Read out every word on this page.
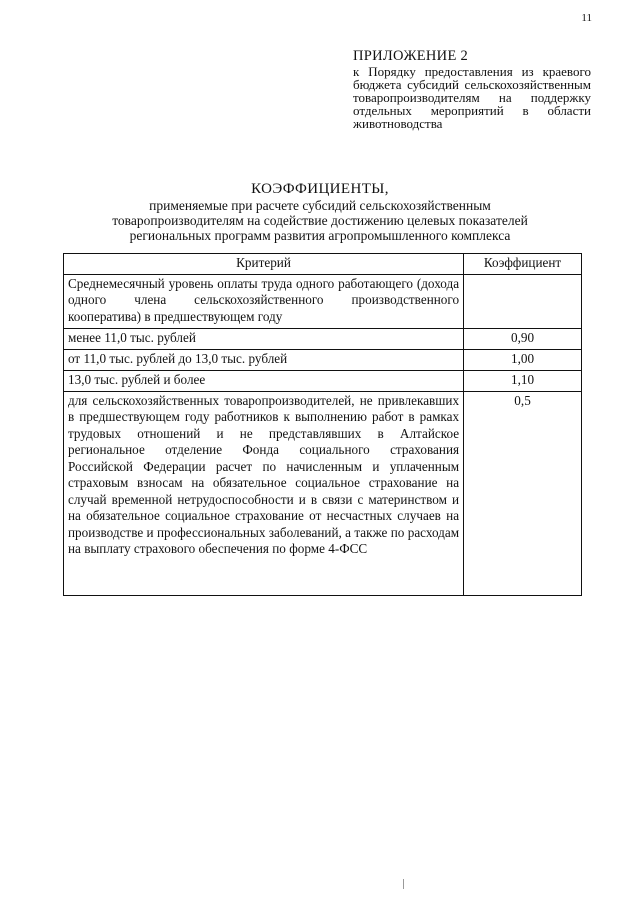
11
ПРИЛОЖЕНИЕ 2
к Порядку предоставления из краевого бюджета субсидий сельскохозяйственным товаропроизводителям на поддержку отдельных мероприятий в области животноводства
КОЭФФИЦИЕНТЫ,
применяемые при расчете субсидий сельскохозяйственным
товаропроизводителям на содействие достижению целевых показателей
региональных программ развития агропромышленного комплекса
Критерий	Коэффициент
Среднемесячный уровень оплаты труда одного работающего (дохода одного члена сельскохозяйственного производственного кооператива) в предшествующем году	
менее 11,0 тыс. рублей	0,90
от 11,0 тыс. рублей до 13,0 тыс. рублей	1,00
13,0 тыс. рублей и более	1,10
для сельскохозяйственных товаропроизводителей, не привлекавших в предшествующем году работников к выполнению работ в рамках трудовых отношений и не представлявших в Алтайское региональное отделение Фонда социального страхования Российской Федерации расчет по начисленным и уплаченным страховым взносам на обязательное социальное страхование на случай временной нетрудоспособности и в связи с материнством и на обязательное социальное страхование от несчастных случаев на производстве и профессиональных заболеваний, а также по расходам на выплату страхового обеспечения по форме 4-ФСС	0,5
